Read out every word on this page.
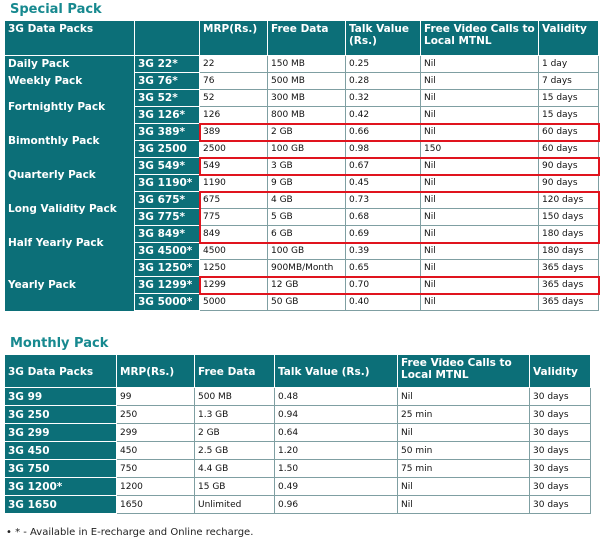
Special Pack
3G Data Packs		MRP(Rs.)	Free Data	Talk Value (Rs.)	Free Video Calls to Local MTNL	Validity
Daily Pack	3G 22*	22	150 MB	0.25	Nil	1 day
Weekly Pack	3G 76*	76	500 MB	0.28	Nil	7 days
Fortnightly Pack	3G 52*	52	300 MB	0.32	Nil	15 days
	3G 126*	126	800 MB	0.42	Nil	15 days
Bimonthly Pack	3G 389*	389	2 GB	0.66	Nil	60 days
	3G 2500	2500	100 GB	0.98	150	60 days
Quarterly Pack	3G 549*	549	3 GB	0.67	Nil	90 days
	3G 1190*	1190	9 GB	0.45	Nil	90 days
Long Validity Pack	3G 675*	675	4 GB	0.73	Nil	120 days
	3G 775*	775	5 GB	0.68	Nil	150 days
Half Yearly Pack	3G 849*	849	6 GB	0.69	Nil	180 days
	3G 4500*	4500	100 GB	0.39	Nil	180 days
Yearly Pack	3G 1250*	1250	900MB/Month	0.65	Nil	365 days
	3G 1299*	1299	12 GB	0.70	Nil	365 days
	3G 5000*	5000	50 GB	0.40	Nil	365 days
Monthly Pack
3G Data Packs	MRP(Rs.)	Free Data	Talk Value (Rs.)	Free Video Calls to Local MTNL	Validity
3G 99	99	500 MB	0.48	Nil	30 days
3G 250	250	1.3 GB	0.94	25 min	30 days
3G 299	299	2 GB	0.64	Nil	30 days
3G 450	450	2.5 GB	1.20	50 min	30 days
3G 750	750	4.4 GB	1.50	75 min	30 days
3G 1200*	1200	15 GB	0.49	Nil	30 days
3G 1650	1650	Unlimited	0.96	Nil	30 days
• * - Available in E-recharge and Online recharge.
